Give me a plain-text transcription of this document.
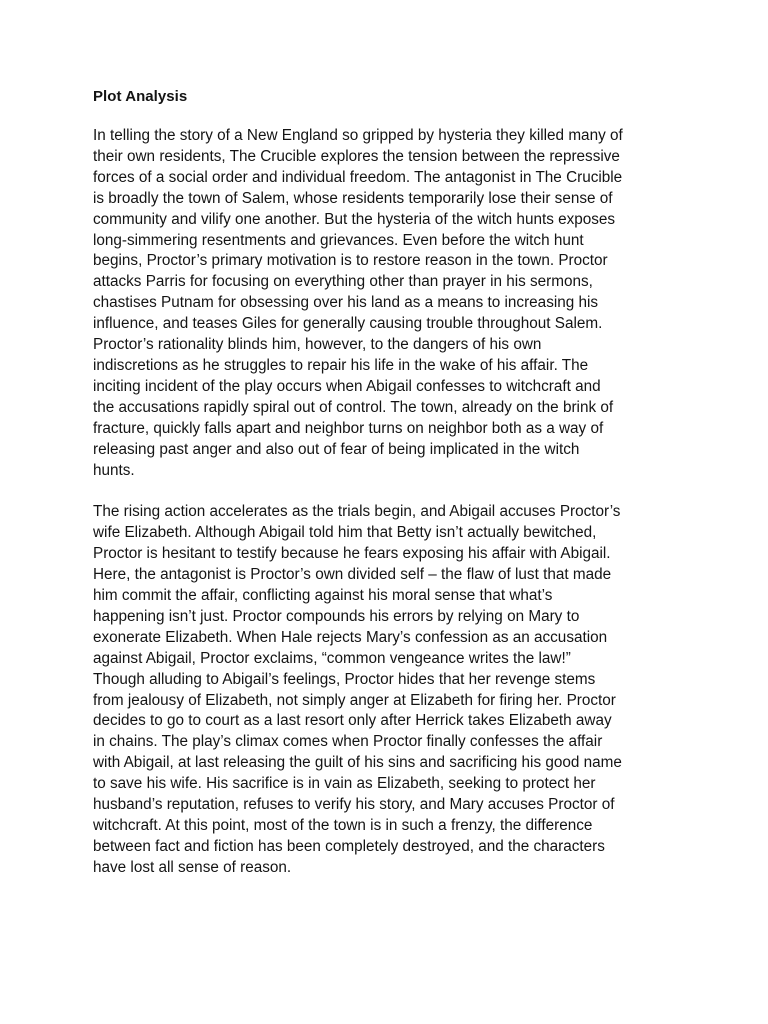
Plot Analysis

In telling the story of a New England so gripped by hysteria they killed many of
their own residents, The Crucible explores the tension between the repressive
forces of a social order and individual freedom. The antagonist in The Crucible
is broadly the town of Salem, whose residents temporarily lose their sense of
community and vilify one another. But the hysteria of the witch hunts exposes
long-simmering resentments and grievances. Even before the witch hunt
begins, Proctor’s primary motivation is to restore reason in the town. Proctor
attacks Parris for focusing on everything other than prayer in his sermons,
chastises Putnam for obsessing over his land as a means to increasing his
influence, and teases Giles for generally causing trouble throughout Salem.
Proctor’s rationality blinds him, however, to the dangers of his own
indiscretions as he struggles to repair his life in the wake of his affair. The
inciting incident of the play occurs when Abigail confesses to witchcraft and
the accusations rapidly spiral out of control. The town, already on the brink of
fracture, quickly falls apart and neighbor turns on neighbor both as a way of
releasing past anger and also out of fear of being implicated in the witch
hunts.

The rising action accelerates as the trials begin, and Abigail accuses Proctor’s
wife Elizabeth. Although Abigail told him that Betty isn’t actually bewitched,
Proctor is hesitant to testify because he fears exposing his affair with Abigail.
Here, the antagonist is Proctor’s own divided self – the flaw of lust that made
him commit the affair, conflicting against his moral sense that what’s
happening isn’t just. Proctor compounds his errors by relying on Mary to
exonerate Elizabeth. When Hale rejects Mary’s confession as an accusation
against Abigail, Proctor exclaims, “common vengeance writes the law!”
Though alluding to Abigail’s feelings, Proctor hides that her revenge stems
from jealousy of Elizabeth, not simply anger at Elizabeth for firing her. Proctor
decides to go to court as a last resort only after Herrick takes Elizabeth away
in chains. The play’s climax comes when Proctor finally confesses the affair
with Abigail, at last releasing the guilt of his sins and sacrificing his good name
to save his wife. His sacrifice is in vain as Elizabeth, seeking to protect her
husband’s reputation, refuses to verify his story, and Mary accuses Proctor of
witchcraft. At this point, most of the town is in such a frenzy, the difference
between fact and fiction has been completely destroyed, and the characters
have lost all sense of reason.
